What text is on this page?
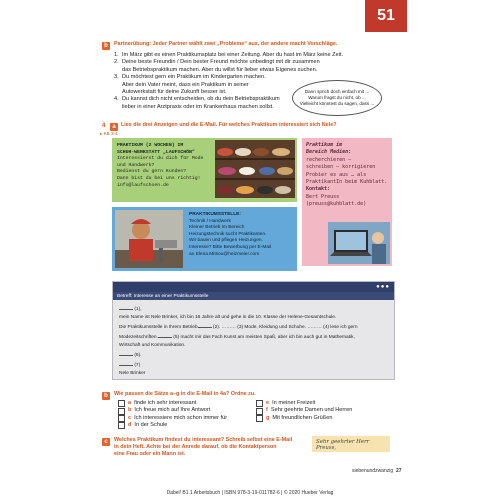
51
b	Partnerübung: Jeder Partner wählt zwei „Probleme“ aus, der andere macht Vorschläge.
1. Im März gibt es einen Praktikumsplatz bei einer Zeitung. Aber du hast im März keine Zeit.
2. Deine beste Freundin / Dein bester Freund möchte unbedingt mit dir zusammen
das Betriebspraktikum machen. Aber du willst für lieber etwas Eigenes suchen.
3. Du möchtest gern ein Praktikum im Kindergarten machen.
Aber dein Vater meint, dass ein Praktikum in seiner
Autowerkstatt für deine Zukunft besser ist.
4. Du kannst dich nicht entscheiden, ob du dein Betriebspraktikum
lieber in einer Arztpraxis oder im Krankenhaus machen sollst.
Dann sprich doch einfach mit ...
Warum fragst du nicht, ob ...
Vielleicht könntest du sagen, dass ...
4	a Lies die drei Anzeigen und die E-Mail. Für welches Praktikum interessiert sich Nele?
▸ KB 3-4
PRAKTIKUM (2 WOCHEN) IM
SCHUH-WERKSTATT „LAUFSCHÖN“
Interessierst du dich für Mode
und Handwerk?
Bedienst du gern Kunden?
Dann bist du bei uns richtig!
info@laufschoen.de
Praktikum im
Bereich Medien:
recherchieren –
schreiben – korrigieren
Probier es aus … als
PraktikantIn beim Kuhblatt.
Kontakt:
Bert Preuss
(preuss@kuhblatt.de)
PRAKTIKUMSSTELLE:
Technik / Handwerk
Kleiner Betrieb im Bereich
Heizungstechnik sucht Praktikanten.
Wir bauen und pflegen Heizungen.
Interesse? Bitte Bewerbung per E-Mail
an Elena.Mitsou@heizmeier.com
●●●
Betreff: Interesse an einer Praktikumsstelle
(1),
mein Name ist Nele Brinker, ich bin 16 Jahre alt und gehe in die 10. Klasse der Helene-Gesamtschule.
Die Praktikumsstelle in Ihrem Betrieb	(2). ……… (3) Mode, Kleidung und Schuhe. ……… (4) lese ich gern
Modezeitschriften.	(5) macht mir das Fach Kunst am meisten Spaß, aber ich bin auch gut in Mathematik,
Wirtschaft und Kommunikation.
(6).
(7)
Nele Brinker
b	Wie passen die Sätze a–g in die E-Mail in 4a? Ordne zu.
a finde ich sehr interessant
b Ich freue mich auf Ihre Antwort
c Ich interessiere mich schon immer für
d In der Schule
e In meiner Freizeit
f Sehr geehrte Damen und Herren
g Mit freundlichen Grüßen
c	Welches Praktikum findest du interessant? Schreib selbst eine E-Mail
in dein Heft. Achte bei der Anrede darauf, ob die Kontaktperson
eine Frau oder ein Mann ist.
Sehr geehrter Herr Preuss,
siebenundzwanzig 27
Dabei! B1.1 Arbeitsbuch | ISBN 978-3-19-011782-6 | © 2020 Hueber Verlag
